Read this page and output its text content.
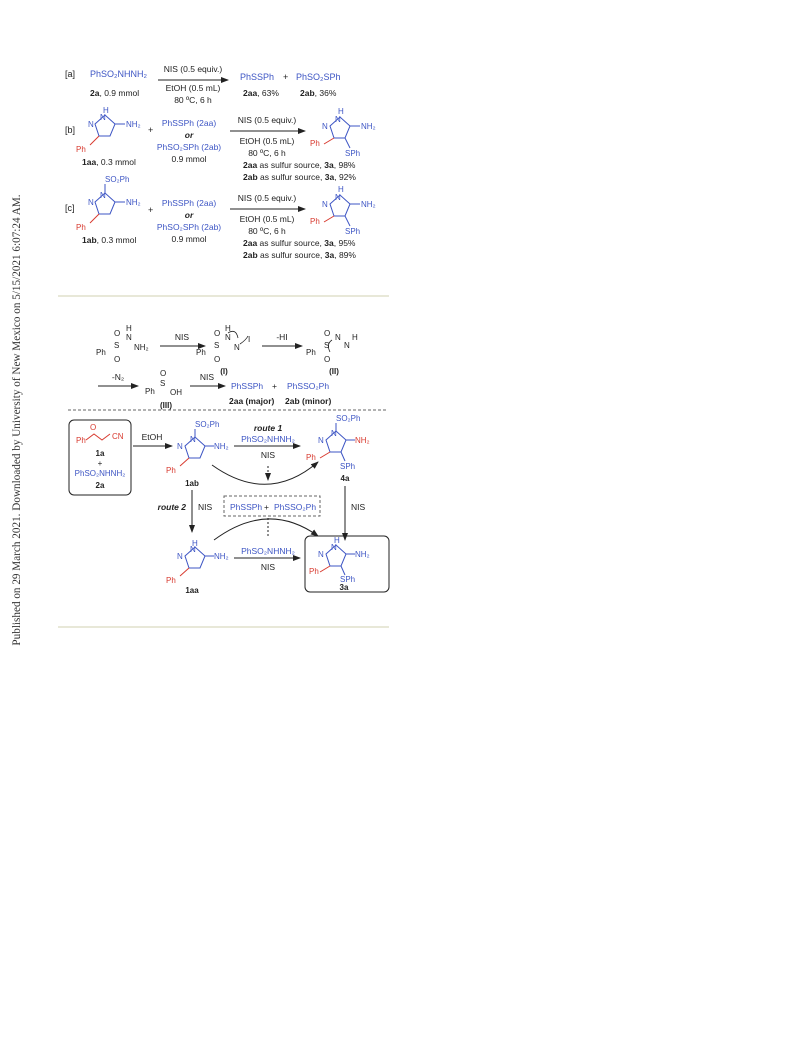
Published on 29 March 2021. Downloaded by University of New Mexico on 5/15/2021 6:07:24 AM.
[a] PhSO₂NHNH₂
2a, 0.9 mmol
NIS (0.5 equiv.)
EtOH (0.5 mL)
80 ºC, 6 h
PhSSPh + PhSO₂SPh
2aa, 63% 2ab, 36%
[b]
H
N
N
NH₂
Ph
1aa, 0.3 mmol
+
PhSSPh (2aa)
or
PhSO₂SPh (2ab)
0.9 mmol
NIS (0.5 equiv.)
EtOH (0.5 mL)
80 ºC, 6 h
2aa as sulfur source, 3a, 98%
2ab as sulfur source, 3a, 92%
H
N
N
NH₂
Ph
SPh
[c]
SO₂Ph
N
N
NH₂
Ph
1ab, 0.3 mmol
+
PhSSPh (2aa)
or
PhSO₂SPh (2ab)
0.9 mmol
NIS (0.5 equiv.)
EtOH (0.5 mL)
80 ºC, 6 h
2aa as sulfur source, 3a, 95%
2ab as sulfur source, 3a, 89%
H
N
N
NH₂
Ph
SPh
Ph
S
O
O
N
H
NH₂
NIS
Ph
S
O
O
N
H
N
I
(I)
-HI
Ph
S
O
O
N
N
H
(II)
-N₂
Ph
S
O
OH
(III)
NIS
PhSSPh + PhSSO₂Ph
2aa (major) 2ab (minor)
Ph
O
CN
1a
+
PhSO₂NHNH₂
2a
EtOH
SO₂Ph
N
N
NH₂
Ph
1ab
route 1
PhSO₂NHNH₂
NIS
SO₂Ph
N
N
NH₂
Ph
SPh
4a
route 2 NIS PhSSPh + PhSSO₂Ph	NIS
H
N
N
NH₂
Ph
1aa
PhSO₂NHNH₂
NIS
H
N
N
NH₂
Ph
SPh
3a
